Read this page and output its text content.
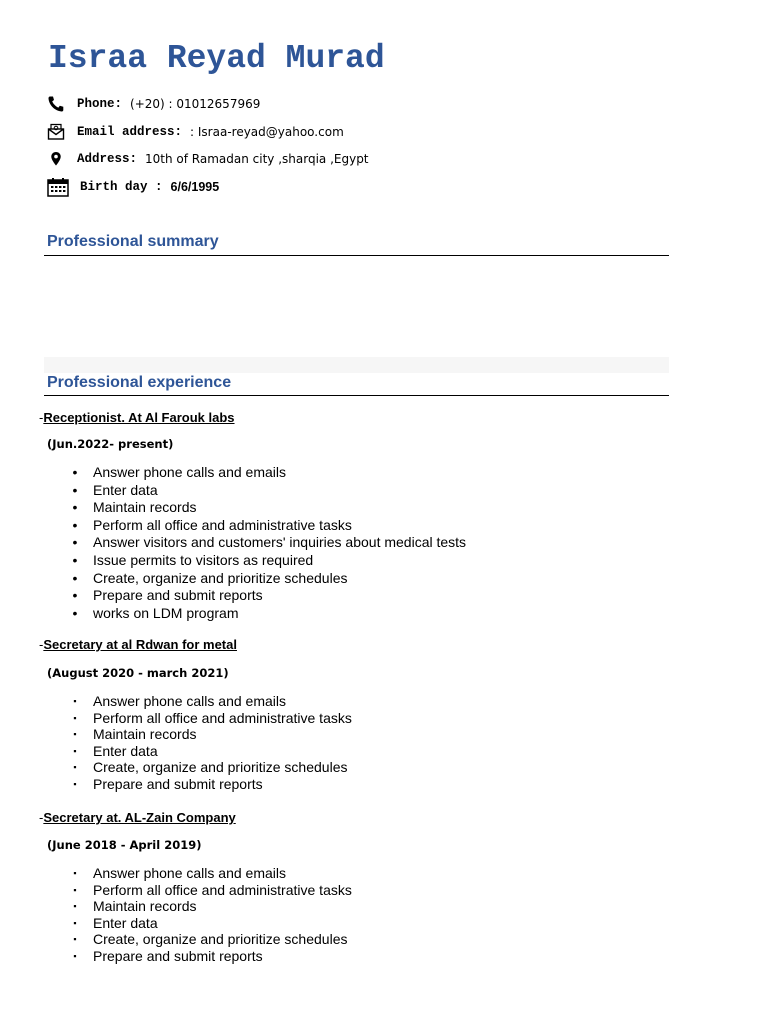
Israa Reyad Murad
Phone: (+20) : 01012657969
Email address: : Israa-reyad@yahoo.com
Address: 10th of Ramadan city ,sharqia ,Egypt
Birth day : 6/6/1995
Professional summary
Professional experience
-Receptionist. At Al Farouk labs
(Jun.2022- present)
• Answer phone calls and emails
• Enter data
• Maintain records
• Perform all office and administrative tasks
• Answer visitors and customers' inquiries about medical tests
• Issue permits to visitors as required
• Create, organize and prioritize schedules
• Prepare and submit reports
• works on LDM program
-Secretary at al Rdwan for metal
(August 2020 - march 2021)
▪ Answer phone calls and emails
▪ Perform all office and administrative tasks
▪ Maintain records
▪ Enter data
▪ Create, organize and prioritize schedules
▪ Prepare and submit reports
-Secretary at. AL-Zain Company
(June 2018 - April 2019)
▪ Answer phone calls and emails
▪ Perform all office and administrative tasks
▪ Maintain records
▪ Enter data
▪ Create, organize and prioritize schedules
▪ Prepare and submit reports
